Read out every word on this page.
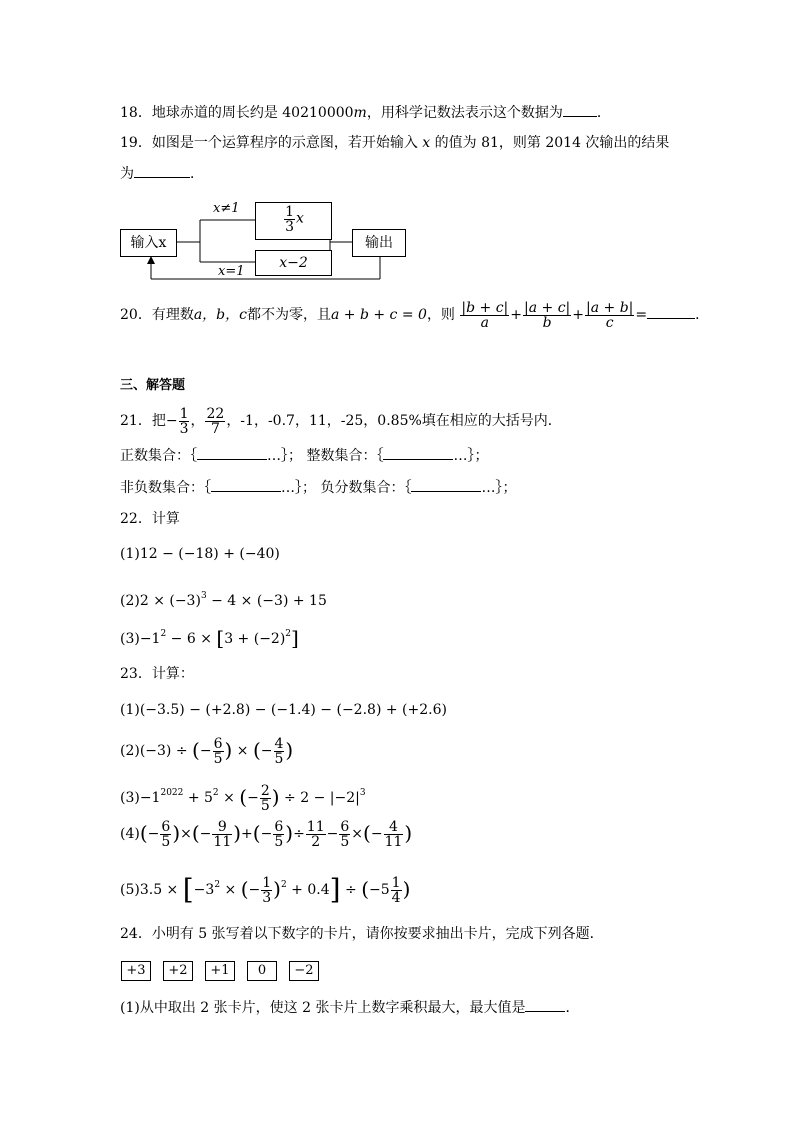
18．地球赤道的周长约是 40210000m，用科学记数法表示这个数据为 ．
19．如图是一个运算程序的示意图，若开始输入 x 的值为 81，则第 2014 次输出的结果
为	．
输入x
$\frac{1}{3}$ x
x−2
输出
x≠1
x=1
20．有理数a，b，c都不为零，且a + b + c = 0，则 $\frac{|b + c|}{a} + \frac{|a + c|}{b} + \frac{|a + b|}{c}$ =	．
三、解答题
21．把− $\frac{1}{3}$ ， $\frac{22}{7}$ ，-1，-0.7，11，-25，0.85%填在相应的大括号内．
正数集合：｛	…｝； 整数集合：｛	…｝；
非负数集合：｛	…｝； 负分数集合：｛	…｝；
22．计算
(1)12 − (−18) + (−40)
$(2)2 \times (-3)^3 - 4 \times (-3) + 15$
$(3)-1^2 - 6 \times [3 + (-2)^2]$
23．计算：
(1)(−3.5) − (+2.8) − (−1.4) − (−2.8) + (+2.6)
(2)(−3) ÷ (− $\frac{6}{5}$ ) × (− $\frac{4}{5}$ )
$(3)-1^{2022} + 5^2$ × (− $\frac{2}{5}$ ) ÷ $2 - |-2|^3$
$(4)(- \frac{6}{5}$ )×(− $\frac{9}{11}$ )+(− $\frac{6}{5}$ )÷ $\frac{11}{2} - \frac{6}{5}$ ×(− $\frac{4}{11}$ )
$(5)3.5 \times [-3^2$ × (− $\frac{1}{3} )^2 + 0.4] \div (-5 \frac{1}{4}$ )
24．小明有 5 张写着以下数字的卡片，请你按要求抽出卡片，完成下列各题．
+3 +2 +1 0 −2
(1)从中取出 2 张卡片，使这 2 张卡片上数字乘积最大，最大值是	．
